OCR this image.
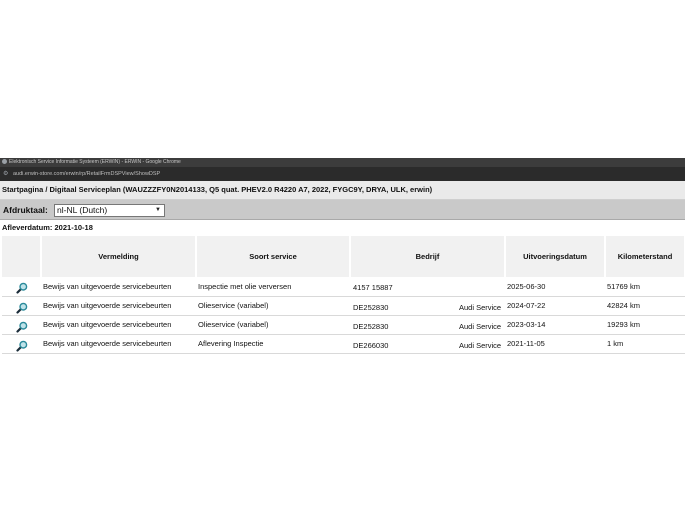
Elektronisch Service Informatie Systeem (ERWIN) - ERWIN - Google Chrome
⚙ audi.erwin-store.com/erwin/rp/RetailFrmDSPView/ShowDSP
Startpagina / Digitaal Serviceplan (WAUZZZFY0N2014133, Q5 quat. PHEV2.0 R4220 A7, 2022, FYGC9Y, DRYA, ULK, erwin)
Afdruktaal:	nl-NL (Dutch)	▼
Afleverdatum: 2021-10-18
	Vermelding	Soort service	Bedrijf	Uitvoeringsdatum	Kilometerstand
	Bewijs van uitgevoerde servicebeurten	Inspectie met olie verversen	4157 15887	2025-06-30	51769 km
	Bewijs van uitgevoerde servicebeurten	Olieservice (variabel)	DE252830 Audi Service	2024-07-22	42824 km
	Bewijs van uitgevoerde servicebeurten	Olieservice (variabel)	DE252830 Audi Service	2023-03-14	19293 km
	Bewijs van uitgevoerde servicebeurten	Aflevering Inspectie	DE266030 Audi Service	2021-11-05	1 km
